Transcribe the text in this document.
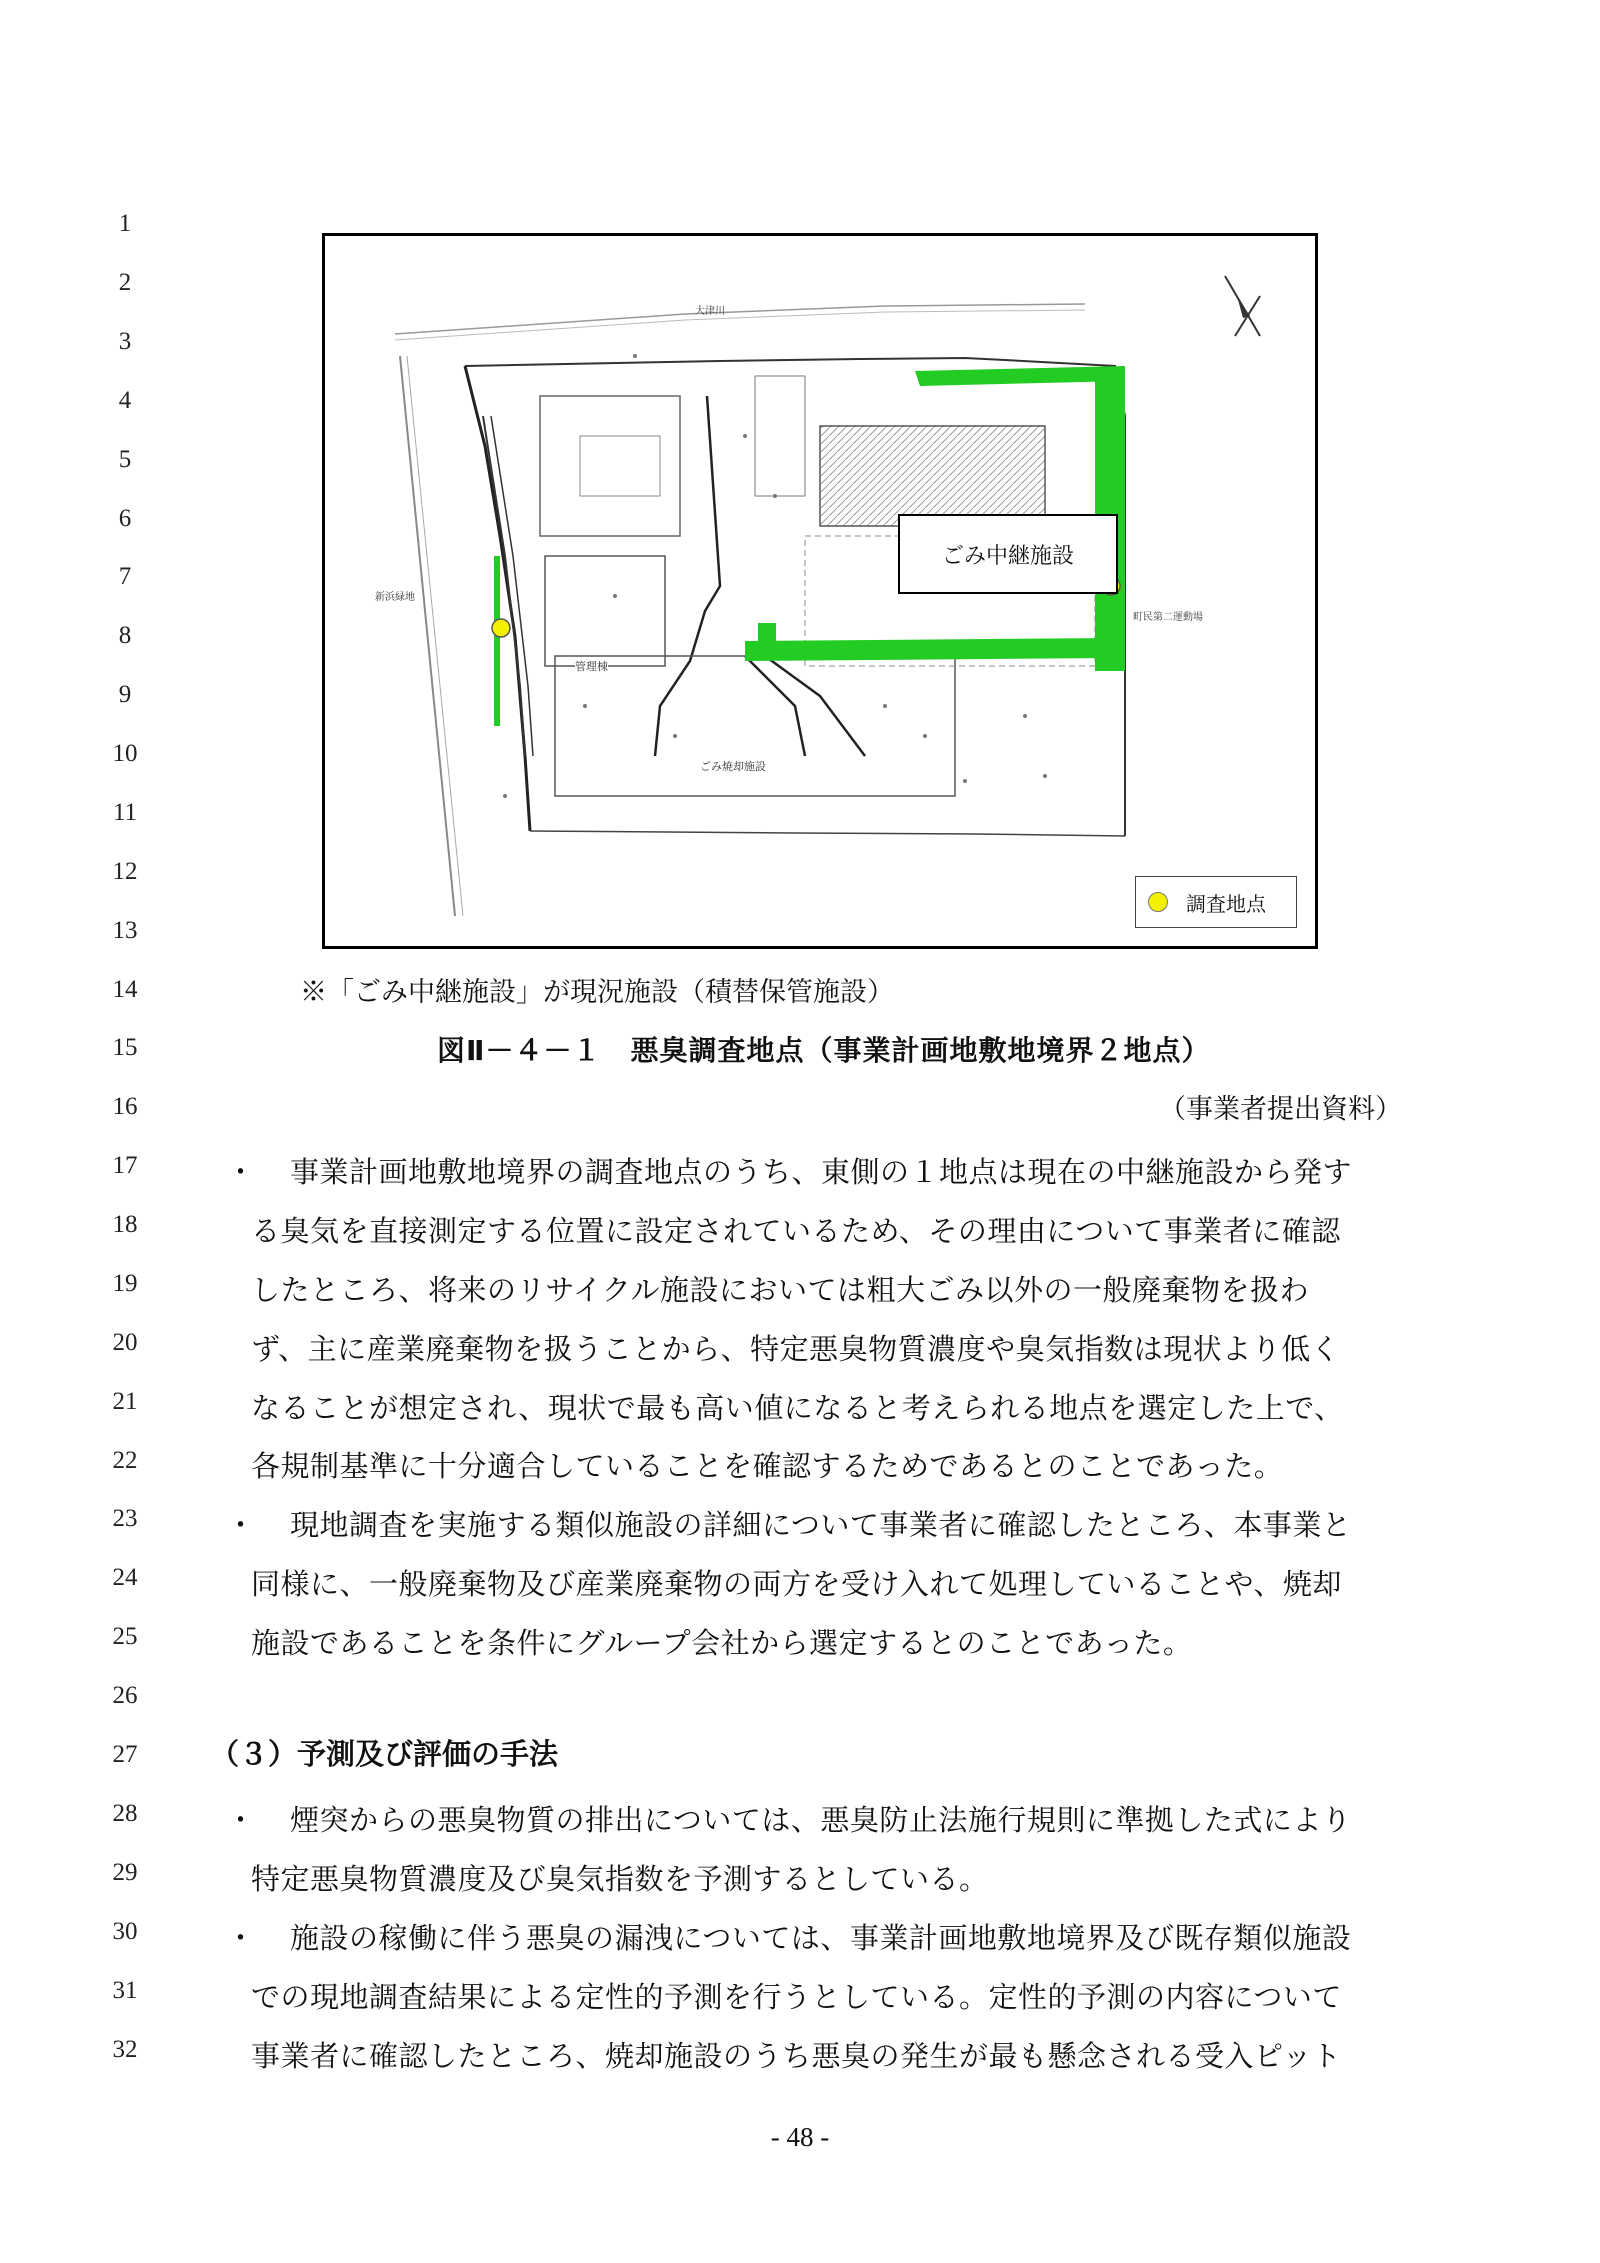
1
2
3
4
5
6
7
8
9
10
11
12
13
14
15
16
17
18
19
20
21
22
23
24
25
26
27
28
29
30
31
32
大津川
新浜緑地
町民第二運動場
管理棟
ごみ焼却施設
ごみ中継施設
調査地点
※「ごみ中継施設」が現況施設（積替保管施設）
図Ⅱ－４－１　悪臭調査地点（事業計画地敷地境界２地点）
（事業者提出資料）
・ 事業計画地敷地境界の調査地点のうち、東側の１地点は現在の中継施設から発す
る臭気を直接測定する位置に設定されているため、その理由について事業者に確認
したところ、将来のリサイクル施設においては粗大ごみ以外の一般廃棄物を扱わ
ず、主に産業廃棄物を扱うことから、特定悪臭物質濃度や臭気指数は現状より低く
なることが想定され、現状で最も高い値になると考えられる地点を選定した上で、
各規制基準に十分適合していることを確認するためであるとのことであった。
・ 現地調査を実施する類似施設の詳細について事業者に確認したところ、本事業と
同様に、一般廃棄物及び産業廃棄物の両方を受け入れて処理していることや、焼却
施設であることを条件にグループ会社から選定するとのことであった。
（３）予測及び評価の手法
・ 煙突からの悪臭物質の排出については、悪臭防止法施行規則に準拠した式により
特定悪臭物質濃度及び臭気指数を予測するとしている。
・ 施設の稼働に伴う悪臭の漏洩については、事業計画地敷地境界及び既存類似施設
での現地調査結果による定性的予測を行うとしている。定性的予測の内容について
事業者に確認したところ、焼却施設のうち悪臭の発生が最も懸念される受入ピット
- 48 -
